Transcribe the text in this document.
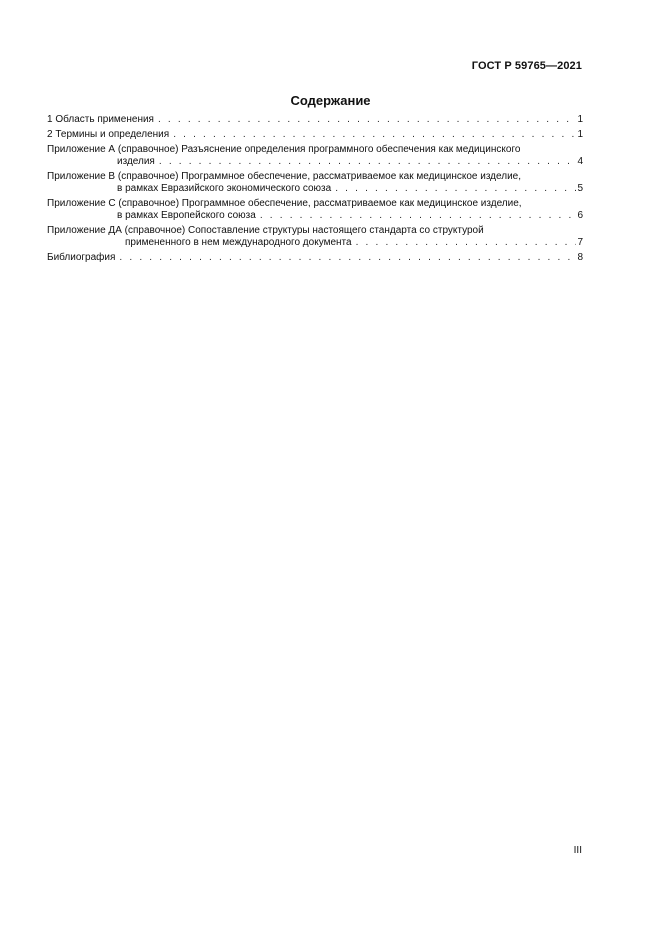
ГОСТ Р 59765—2021
Содержание
1 Область применения . . .	1
2 Термины и определения . . .	1
Приложение А (справочное) Разъяснение определения программного обеспечения как медицинского
изделия . . .	4
Приложение В (справочное) Программное обеспечение, рассматриваемое как медицинское изделие,
в рамках Евразийского экономического союза . . .	5
Приложение С (справочное) Программное обеспечение, рассматриваемое как медицинское изделие,
в рамках Европейского союза . . .	6
Приложение ДА (справочное) Сопоставление структуры настоящего стандарта со структурой
примененного в нем международного документа . . .	7
Библиография . . .	8
III
